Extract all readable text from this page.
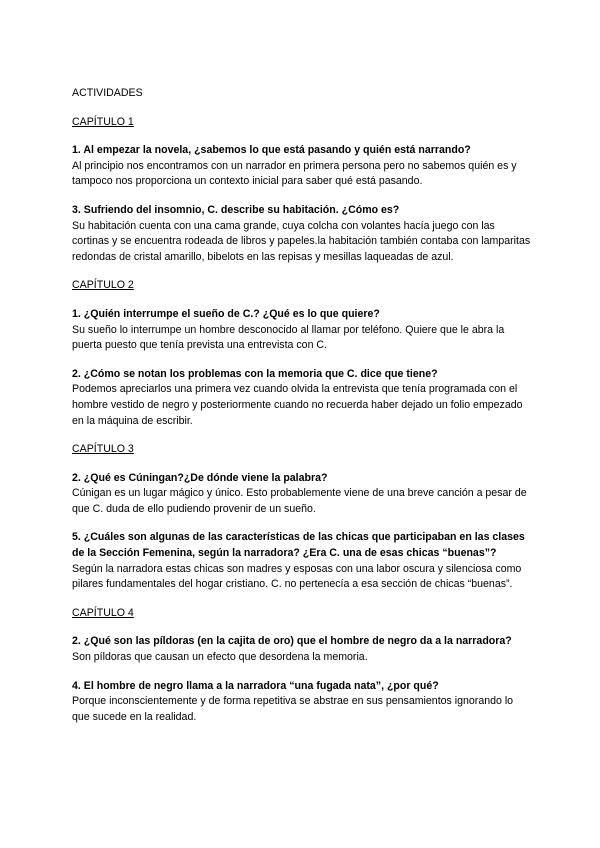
ACTIVIDADES

CAPÍTULO 1

1. Al empezar la novela, ¿sabemos lo que está pasando y quién está narrando?

Al principio nos encontramos con un narrador en primera persona pero no sabemos quién es y tampoco nos proporciona un contexto inicial para saber qué está pasando.

3. Sufriendo del insomnio, C. describe su habitación. ¿Cómo es?

Su habitación cuenta con una cama grande, cuya colcha con volantes hacía juego con las cortinas y se encuentra rodeada de libros y papeles.la habitación también contaba con lamparitas redondas de cristal amarillo, bibelots en las repisas y mesillas laqueadas de azul.

CAPÍTULO 2

1. ¿Quién interrumpe el sueño de C.? ¿Qué es lo que quiere?

Su sueño lo interrumpe un hombre desconocido al llamar por teléfono. Quiere que le abra la puerta puesto que tenía prevista una entrevista con C.

2. ¿Cómo se notan los problemas con la memoria que C. dice que tiene?

Podemos apreciarlos una primera vez cuando olvida la entrevista que tenía programada con el hombre vestido de negro y posteriormente cuando no recuerda haber dejado un folio empezado en la máquina de escribir.

CAPÍTULO 3

2. ¿Qué es Cúningan?¿De dónde viene la palabra?

Cúnigan es un lugar mágico y único. Esto probablemente viene de una breve canción a pesar de que C. duda de ello pudiendo provenir de un sueño.

5. ¿Cuáles son algunas de las características de las chicas que participaban en las clases de la Sección Femenina, según la narradora? ¿Era C. una de esas chicas “buenas”?

Según la narradora estas chicas son madres y esposas con una labor oscura y silenciosa como pilares fundamentales del hogar cristiano. C. no pertenecía a esa sección de chicas “buenas”.

CAPÍTULO 4

2. ¿Qué son las píldoras (en la cajita de oro) que el hombre de negro da a la narradora?

Son píldoras que causan un efecto que desordena la memoria.

4. El hombre de negro llama a la narradora “una fugada nata”, ¿por qué?

Porque inconscientemente y de forma repetitiva se abstrae en sus pensamientos ignorando lo que sucede en la realidad.
